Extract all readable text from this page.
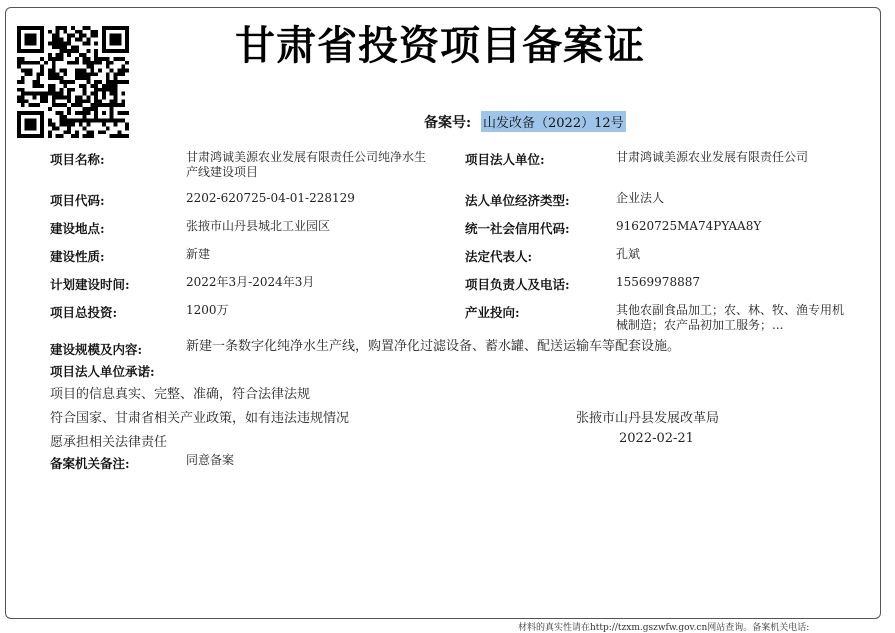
甘肃省投资项目备案证
备案号: 山发改备（2022）12号
项目名称:	甘肃鸿诚美源农业发展有限责任公司纯净水生产线建设项目
项目代码:	2202-620725-04-01-228129
建设地点:	张掖市山丹县城北工业园区
建设性质:	新建
计划建设时间:	2022年3月-2024年3月
项目总投资:	1200万
项目法人单位:	甘肃鸿诚美源农业发展有限责任公司
法人单位经济类型:	企业法人
统一社会信用代码:	91620725MA74PYAA8Y
法定代表人:	孔斌
项目负责人及电话:	15569978887
产业投向:	其他农副食品加工；农、林、牧、渔专用机械制造；农产品初加工服务；...
建设规模及内容:	新建一条数字化纯净水生产线，购置净化过滤设备、蓄水罐、配送运输车等配套设施。
项目法人单位承诺:
项目的信息真实、完整、准确，符合法律法规
符合国家、甘肃省相关产业政策，如有违法违规情况
愿承担相关法律责任
张掖市山丹县发展改革局
2022-02-21
备案机关备注:	同意备案
材料的真实性请在http://tzxm.gszwfw.gov.cn网站查询。备案机关电话:
